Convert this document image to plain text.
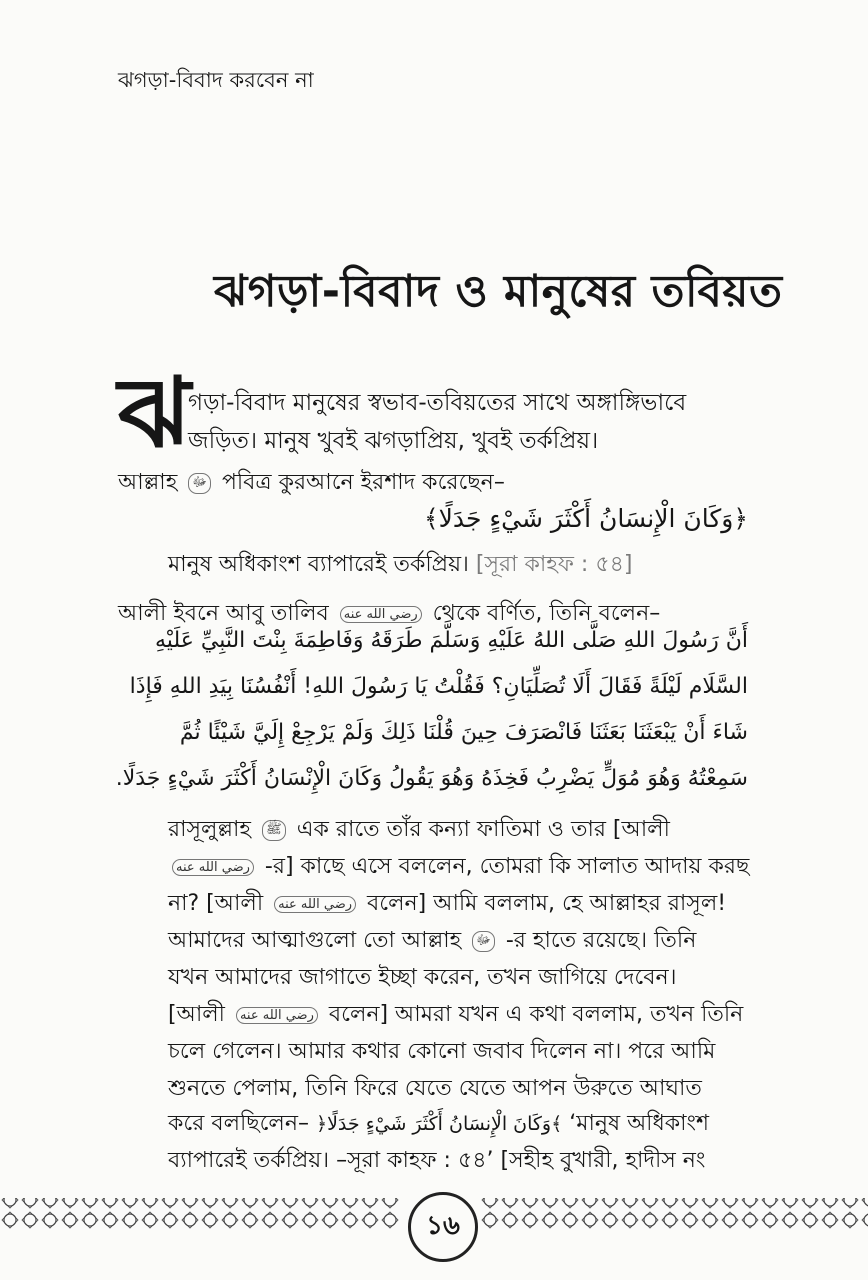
ঝগড়া-বিবাদ করবেন না
ঝগড়া-বিবাদ ও মানুষের তবিয়ত
ঝ
গড়া-বিবাদ মানুষের স্বভাব-তবিয়তের সাথে অঙ্গাঙ্গিভাবে
জড়িত। মানুষ খুবই ঝগড়াপ্রিয়, খুবই তর্কপ্রিয়।
আল্লাহ ﷻ পবিত্র কুরআনে ইরশাদ করেছেন–
﴿وَكَانَ الْإِنسَانُ أَكْثَرَ شَيْءٍ جَدَلًا﴾
মানুষ অধিকাংশ ব্যাপারেই তর্কপ্রিয়। [সূরা কাহফ : ৫৪]
আলী ইবনে আবু তালিব رضي الله عنه থেকে বর্ণিত, তিনি বলেন–
أَنَّ رَسُولَ اللهِ صَلَّى اللهُ عَلَيْهِ وَسَلَّمَ طَرَقَهُ وَفَاطِمَةَ بِنْتَ النَّبِيِّ عَلَيْهِ
السَّلَام لَيْلَةً فَقَالَ أَلَا تُصَلِّيَانِ؟ فَقُلْتُ يَا رَسُولَ اللهِ! أَنْفُسُنَا بِيَدِ اللهِ فَإِذَا
شَاءَ أَنْ يَبْعَثَنَا بَعَثَنَا فَانْصَرَفَ حِينَ قُلْنَا ذَلِكَ وَلَمْ يَرْجِعْ إِلَيَّ شَيْئًا ثُمَّ
سَمِعْتُهُ وَهُوَ مُوَلٍّ يَضْرِبُ فَخِذَهُ وَهُوَ يَقُولُ وَكَانَ الْإِنْسَانُ أَكْثَرَ شَيْءٍ جَدَلًا.
রাসূলুল্লাহ ﷺ এক রাতে তাঁর কন্যা ফাতিমা ও তার [আলী
رضي الله عنه -র] কাছে এসে বললেন, তোমরা কি সালাত আদায় করছ
না? [আলী رضي الله عنه বলেন] আমি বললাম, হে আল্লাহর রাসূল!
আমাদের আত্মাগুলো তো আল্লাহ ﷻ -র হাতে রয়েছে। তিনি
যখন আমাদের জাগাতে ইচ্ছা করেন, তখন জাগিয়ে দেবেন।
[আলী رضي الله عنه বলেন] আমরা যখন এ কথা বললাম, তখন তিনি
চলে গেলেন। আমার কথার কোনো জবাব দিলেন না। পরে আমি
শুনতে পেলাম, তিনি ফিরে যেতে যেতে আপন উরুতে আঘাত
করে বলছিলেন– ﴿وَكَانَ الْإِنسَانُ أَكْثَرَ شَيْءٍ جَدَلًا﴾ ‘মানুষ অধিকাংশ
ব্যাপারেই তর্কপ্রিয়। –সূরা কাহফ : ৫৪’ [সহীহ বুখারী, হাদীস নং
১৬
